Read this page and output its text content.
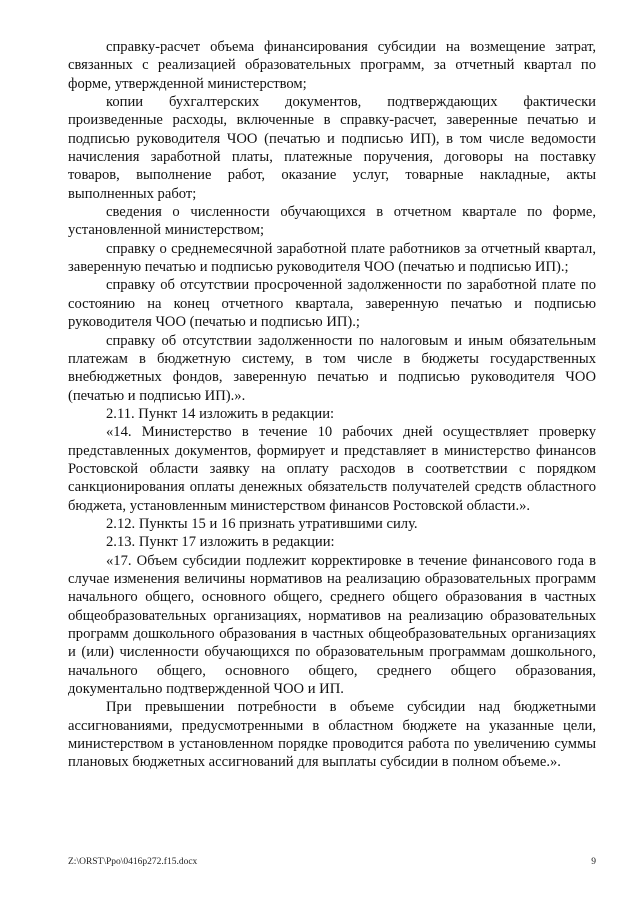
справку-расчет объема финансирования субсидии на возмещение затрат, связанных с реализацией образовательных программ, за отчетный квартал по форме, утвержденной министерством;

копии бухгалтерских документов, подтверждающих фактически произведенные расходы, включенные в справку-расчет, заверенные печатью и подписью руководителя ЧОО (печатью и подписью ИП), в том числе ведомости начисления заработной платы, платежные поручения, договоры на поставку товаров, выполнение работ, оказание услуг, товарные накладные, акты выполненных работ;

сведения о численности обучающихся в отчетном квартале по форме, установленной министерством;

справку о среднемесячной заработной плате работников за отчетный квартал, заверенную печатью и подписью руководителя ЧОО (печатью и подписью ИП).;

справку об отсутствии просроченной задолженности по заработной плате по состоянию на конец отчетного квартала, заверенную печатью и подписью руководителя ЧОО (печатью и подписью ИП).;

справку об отсутствии задолженности по налоговым и иным обязательным платежам в бюджетную систему, в том числе в бюджеты государственных внебюджетных фондов, заверенную печатью и подписью руководителя ЧОО (печатью и подписью ИП).».

2.11. Пункт 14 изложить в редакции:

«14. Министерство в течение 10 рабочих дней осуществляет проверку представленных документов, формирует и представляет в министерство финансов Ростовской области заявку на оплату расходов в соответствии с порядком санкционирования оплаты денежных обязательств получателей средств областного бюджета, установленным министерством финансов Ростовской области.».

2.12. Пункты 15 и 16 признать утратившими силу.

2.13. Пункт 17 изложить в редакции:

«17. Объем субсидии подлежит корректировке в течение финансового года в случае изменения величины нормативов на реализацию образовательных программ начального общего, основного общего, среднего общего образования в частных общеобразовательных организациях, нормативов на реализацию образовательных программ дошкольного образования в частных общеобразовательных организациях и (или) численности обучающихся по образовательным программам дошкольного, начального общего, основного общего, среднего общего образования, документально подтвержденной ЧОО и ИП.

При превышении потребности в объеме субсидии над бюджетными ассигнованиями, предусмотренными в областном бюджете на указанные цели, министерством в установленном порядке проводится работа по увеличению суммы плановых бюджетных ассигнований для выплаты субсидии в полном объеме.».

Z:\ORST\Ppo\0416p272.f15.docx	9
